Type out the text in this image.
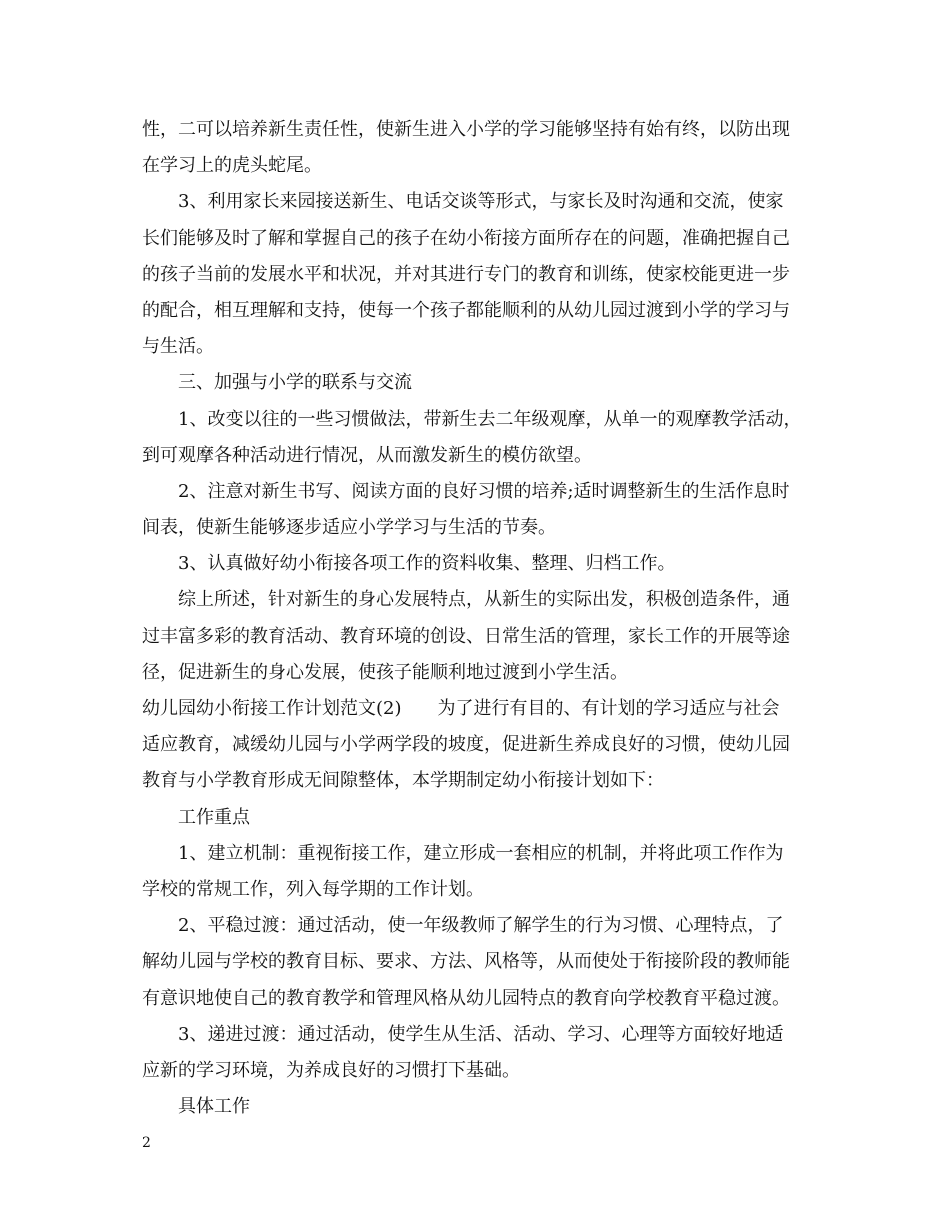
性，二可以培养新生责任性，使新生进入小学的学习能够坚持有始有终，以防出现
在学习上的虎头蛇尾。
3、利用家长来园接送新生、电话交谈等形式，与家长及时沟通和交流，使家
长们能够及时了解和掌握自己的孩子在幼小衔接方面所存在的问题，准确把握自己
的孩子当前的发展水平和状况，并对其进行专门的教育和训练，使家校能更进一步
的配合，相互理解和支持，使每一个孩子都能顺利的从幼儿园过渡到小学的学习与
与生活。
三、加强与小学的联系与交流
1、改变以往的一些习惯做法，带新生去二年级观摩，从单一的观摩教学活动，
到可观摩各种活动进行情况，从而激发新生的模仿欲望。
2、注意对新生书写、阅读方面的良好习惯的培养;适时调整新生的生活作息时
间表，使新生能够逐步适应小学学习与生活的节奏。
3、认真做好幼小衔接各项工作的资料收集、整理、归档工作。
综上所述，针对新生的身心发展特点，从新生的实际出发，积极创造条件，通
过丰富多彩的教育活动、教育环境的创设、日常生活的管理，家长工作的开展等途
径，促进新生的身心发展，使孩子能顺利地过渡到小学生活。
幼儿园幼小衔接工作计划范文(2)　　为了进行有目的、有计划的学习适应与社会
适应教育，减缓幼儿园与小学两学段的坡度，促进新生养成良好的习惯，使幼儿园
教育与小学教育形成无间隙整体，本学期制定幼小衔接计划如下：
工作重点
1、建立机制：重视衔接工作，建立形成一套相应的机制，并将此项工作作为
学校的常规工作，列入每学期的工作计划。
2、平稳过渡：通过活动，使一年级教师了解学生的行为习惯、心理特点，了
解幼儿园与学校的教育目标、要求、方法、风格等，从而使处于衔接阶段的教师能
有意识地使自己的教育教学和管理风格从幼儿园特点的教育向学校教育平稳过渡。
3、递进过渡：通过活动，使学生从生活、活动、学习、心理等方面较好地适
应新的学习环境，为养成良好的习惯打下基础。
具体工作
2
